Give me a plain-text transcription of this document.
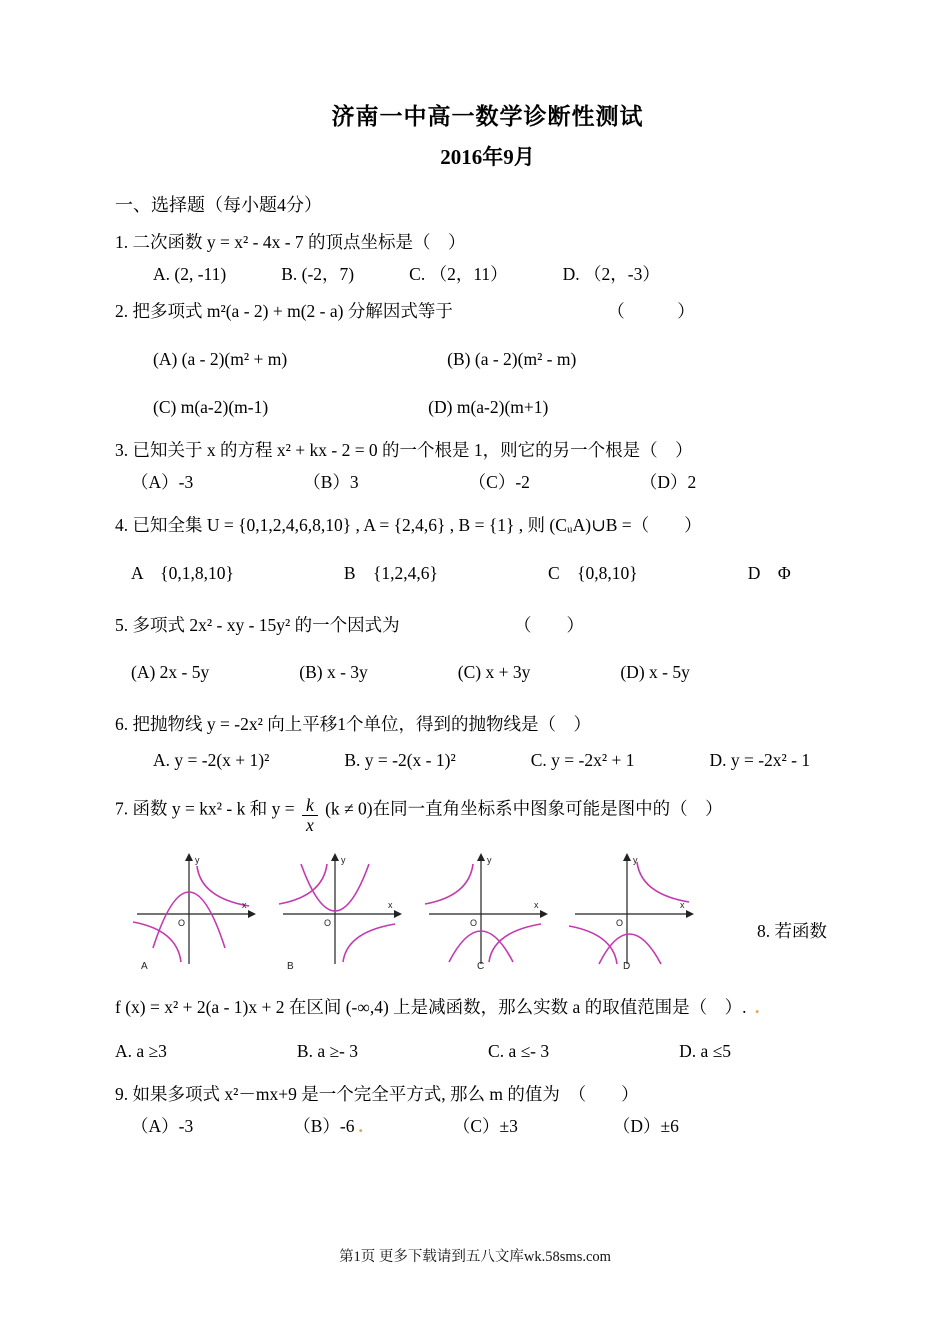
济南一中高一数学诊断性测试
2016年9月
一、选择题（每小题4分）
1. 二次函数 y = x² - 4x - 7 的顶点坐标是（　）
A. (2, -11)	B. (-2，7)	C. （2，11）	D. （2，-3）
2. 把多项式 m²(a - 2) + m(2 - a) 分解因式等于	（　　　）
(A) (a - 2)(m² + m)	(B) (a - 2)(m² - m)
(C) m(a-2)(m-1)	(D) m(a-2)(m+1)
3. 已知关于 x 的方程 x² + kx - 2 = 0 的一个根是 1，则它的另一个根是（　）
（A）-3	（B）3	（C）-2	（D）2
4. 已知全集 U = {0,1,2,4,6,8,10} , A = {2,4,6} , B = {1} , 则 (CᵤA)∪B =（　　）
A　{0,1,8,10}	B　{1,2,4,6}	C　{0,8,10}	D　Φ
5. 多项式 2x² - xy - 15y² 的一个因式为	（　　）
(A) 2x - 5y	(B) x - 3y	(C) x + 3y	(D) x - 5y
6. 把抛物线 y = -2x² 向上平移1个单位，得到的抛物线是（　）
A. y = -2(x + 1)²	B. y = -2(x - 1)²	C. y = -2x² + 1	D. y = -2x² - 1
7. 函数 y = kx² - k 和 $y = \frac{k}{x} (k \ne 0)$在同一直角坐标系中图象可能是图中的（　）
y
x
O
A
y
x
O
B
y
x
O
C
y
x
O
D
8. 若函数
f (x) = x² + 2(a - 1)x + 2 在区间 (-∞,4) 上是减函数，那么实数 a 的取值范围是（　）. .
A. a ≥3	B. a ≥- 3	C. a ≤- 3	D. a ≤5
9. 如果多项式 x²－mx+9 是一个完全平方式, 那么 m 的值为　（　　）
（A）-3	（B）-6 .	（C）±3	（D）±6
第1页 更多下载请到五八文库wk.58sms.com
